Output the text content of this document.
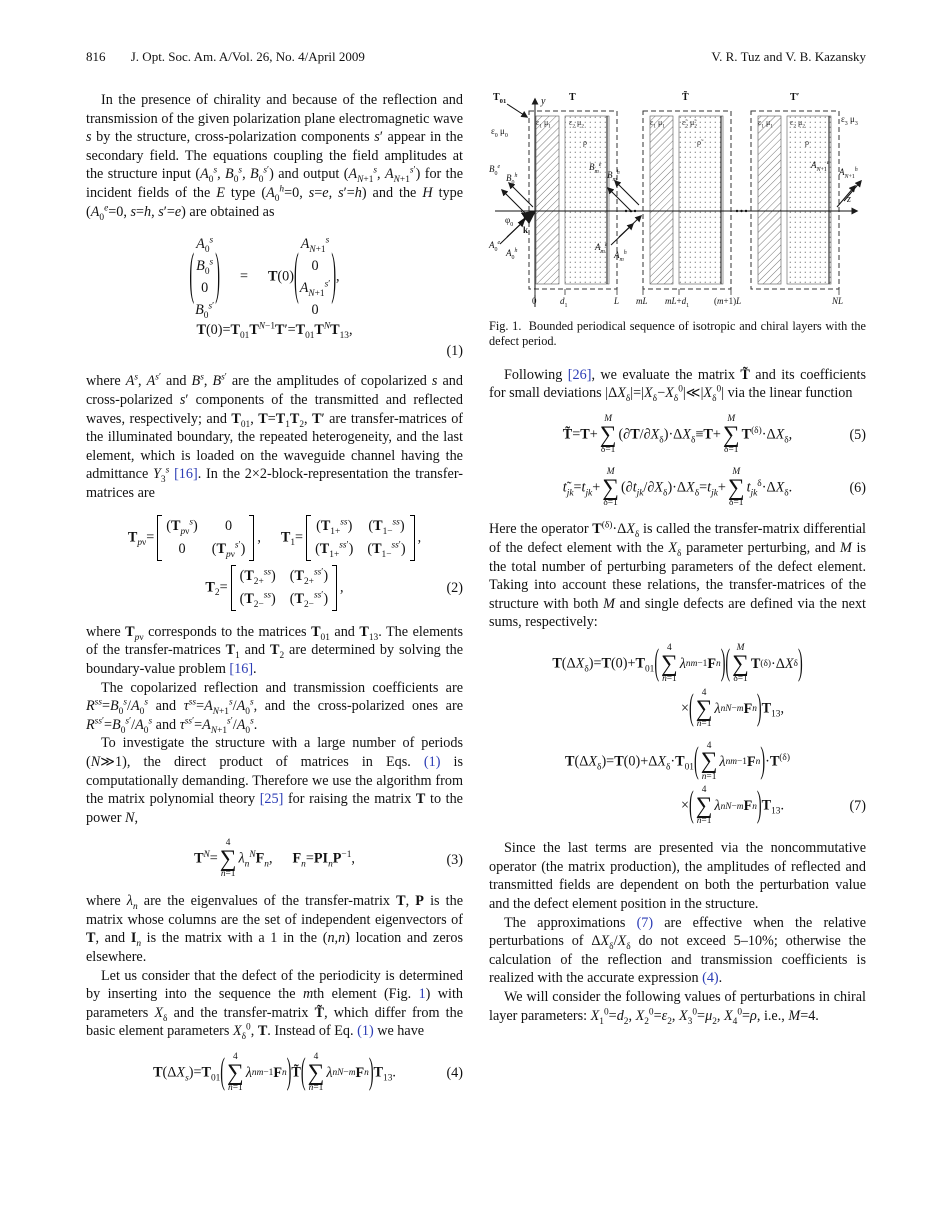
816 J. Opt. Soc. Am. A/Vol. 26, No. 4/April 2009	V. R. Tuz and V. B. Kazansky

In the presence of chirality and because of the reflection and transmission of the given polarization plane electromagnetic wave s by the structure, cross-polarization components s′ appear in the secondary field. The equations coupling the field amplitudes at the structure input ($A_0^s$, $B_0^s$, $B_0^{s'}$) and output ($A_{N+1}^s$, $A_{N+1}^{s'}$) for the incident fields of the E type ($A_0^h=0$, s=e, s′=h) and the H type ($A_0^e=0$, s=h, s′=e) are obtained as

( $A_0^s$
$B_0^s$
0
$B_0^{s'}$ ) = T(0) ( $A_{N+1}^s$
0
$A_{N+1}^{s'}$
0
) $,T(0)=T_{01}T^{N-1}T'=T_{01}T^NT_{13}$,
(1)

where $A^s$, $A^{s'}$ and $B^s$, $B^{s'}$ are the amplitudes of copolarized s and cross-polarized s′ components of the transmitted and reflected waves, respectively; and $T_{01}$, $T=T_1T_2$, T′ are transfer-matrices of the illuminated boundary, the repeated heterogeneity, and the last element, which is loaded on the waveguide channel having the admittance $Y_3^s$ [16]. In the 2×2-block-representation the transfer-matrices are

$T_{p\nu}=$
$(T_{p\nu}^s)$ 0
0 $(T_{p\nu}^{s'})$
, $T_1=$
$(T_{1+}^{ss})$ $(T_{1-}^{ss})$
$(T_{1+}^{ss'})$ $(T_{1-}^{ss'})$
,
$T_2=$
$(T_{2+}^{ss})$ $(T_{2+}^{ss'})$
$(T_{2-}^{ss})$ $(T_{2-}^{ss'})$
,	(2)

where $T_{p\nu}$ corresponds to the matrices $T_{01}$ and $T_{13}$. The elements of the transfer-matrices $T_1$ and $T_2$ are determined by solving the boundary-value problem [16].

The copolarized reflection and transmission coefficients are $R^{ss}=B_0^s/A_0^s$ and $\tau^{ss}=A_{N+1}^s/A_0^s$, and the cross-polarized ones are $R^{ss'}=B_0^{s'}/A_0^s$ and $\tau^{ss'}=A_{N+1}^{s'}/A_0^s$.

To investigate the structure with a large number of periods (N≫1), the direct product of matrices in Eqs. (1) is computationally demanding. Therefore we use the algorithm from the matrix polynomial theory [25] for raising the matrix T to the power N,

$T^N=$
4
∑
n=1
$\lambda_n^NF_n$, $F_n=PI_nP^{-1}$,	(3)

where $\lambda_n$ are the eigenvalues of the transfer-matrix T, P is the matrix whose columns are the set of independent eigenvectors of T, and $I_n$ is the matrix with a 1 in the (n,n) location and zeros elsewhere.

Let us consider that the defect of the periodicity is determined by inserting into the sequence the mth element (Fig. 1) with parameters $X_\delta$ and the transfer-matrix T̃, which differ from the basic element parameters $X_\delta^0$, T. Instead of Eq. (1) we have

$T(\Delta X_s)=T_{01}$ ( 4
∑
n=1
λ n m−1 F n ) T̃ ( 4
∑
n=1
λ n N−m F n ) $T_{13}$.	(4)
$T_{01}$	T	T̃	T′
y
z
$\varepsilon_0$ $\mu_0$
$\varepsilon_3$ $\mu_3$
$\varepsilon_1$ $\mu_1$ $\varepsilon_2$ $\mu_2$
ρ
$\varepsilon_1$ $\mu_1$ $\varepsiloñ_2$ $\mũ_2$
ρ̃
$\varepsilon_1$ $\mu_1$ $\varepsilon_2$ $\mu_2$
ρ
$B_0^e$
$B_0^h$
$A_0^e$
$A_0^h$
$\varphi_0$
k
$A_m^e$
$A_m^h$
$B_m^e$
$B_m^h$
$A_{N+1}^e$
$A_{N+1}^h$
0	$d_1$	L mL $mL+d_1$	(m+1)L	NL
Fig. 1.  Bounded periodical sequence of isotropic and chiral layers with the defect period.

Following [26], we evaluate the matrix T̃ and its coefficients for small deviations $|\Delta X_\delta|=|X_\delta-X_\delta^0|≪|X_\delta^0|$ via the linear function

T̃=T+
M
∑
δ=1
$(\partial T/\partial X_\delta)\cdot\Delta X_\delta\equiv T+$
M
∑
δ=1
$T^{(\delta)}\cdot\Delta X_\delta$,	(5)
$t_{jk}=t_{jk}+$
M
∑
δ=1
$(\partial t_{jk}/\partial X_\delta)\cdot\Delta X_\delta=t_{jk}+$
M
∑
δ=1
$t_{jk}^\delta\cdot\Delta X_\delta$.	(6)

Here the operator $T^{(\delta)}\cdot\Delta X_\delta$ is called the transfer-matrix differential of the defect element with the $X_\delta$ parameter perturbing, and M is the total number of perturbing parameters of the defect element. Taking into account these relations, the transfer-matrices of the structure with both M and single defects are defined via the next sums, respectively:

$T(\Delta X_\delta)=T(0)+T_{01}$ ( 4
∑
n=1
λ n m−1 F n ) ( M
∑
δ=1
T (δ) ·Δ X δ )
× ( 4
∑
n=1
λ n N−m F n ) $T_{13}$,
$T(\Delta X_\delta)=T(0)+\Delta X_\delta\cdot T_{01}$ ( 4
∑
n=1
λ n m−1 F n ) $\cdot T^{(\delta)}$
× ( 4
∑
n=1
λ n N−m F n ) $T_{13}$.	(7)

Since the last terms are presented via the noncommutative operator (the matrix production), the amplitudes of reflected and transmitted fields are dependent on both the perturbation value and the defect element position in the structure.

The approximations (7) are effective when the relative perturbations of $\Delta X_\delta/X_\delta$ do not exceed 5–10%; otherwise the calculation of the reflection and transmission coefficients is realized with the accurate expression (4).

We will consider the following values of perturbations in chiral layer parameters: $X_1^0=d_2$, $X_2^0=\varepsilon_2$, $X_3^0=\mu_2$, $X_4^0=\rho$, i.e., M=4.
